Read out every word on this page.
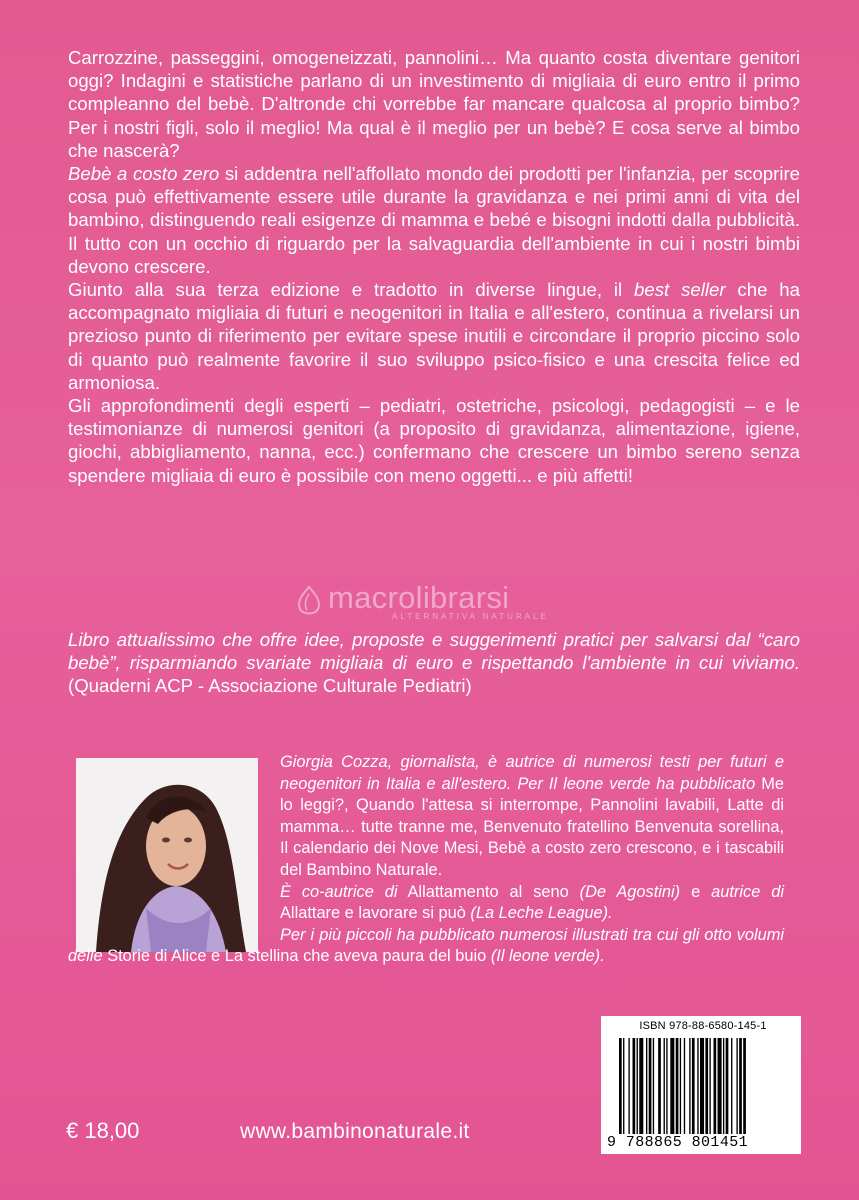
Carrozzine, passeggini, omogeneizzati, pannolini… Ma quanto costa diventare genitori oggi? Indagini e statistiche parlano di un investimento di migliaia di euro entro il primo compleanno del bebè. D'altronde chi vorrebbe far mancare qualcosa al proprio bimbo? Per i nostri figli, solo il meglio! Ma qual è il meglio per un bebè? E cosa serve al bimbo che nascerà?

Bebè a costo zero si addentra nell'affollato mondo dei prodotti per l'infanzia, per scoprire cosa può effettivamente essere utile durante la gravidanza e nei primi anni di vita del bambino, distinguendo reali esigenze di mamma e bebé e bisogni indotti dalla pubblicità. Il tutto con un occhio di riguardo per la salvaguardia dell'ambiente in cui i nostri bimbi devono crescere.

Giunto alla sua terza edizione e tradotto in diverse lingue, il best seller che ha accompagnato migliaia di futuri e neogenitori in Italia e all'estero, continua a rivelarsi un prezioso punto di riferimento per evitare spese inutili e circondare il proprio piccino solo di quanto può realmente favorire il suo sviluppo psico-fisico e una crescita felice ed armoniosa.

Gli approfondimenti degli esperti – pediatri, ostetriche, psicologi, pedagogisti – e le testimonianze di numerosi genitori (a proposito di gravidanza, alimentazione, igiene, giochi, abbigliamento, nanna, ecc.) confermano che crescere un bimbo sereno senza spendere migliaia di euro è possibile con meno oggetti... e più affetti!

macrolibrarsi
ALTERNATIVA NATURALE
Libro attualissimo che offre idee, proposte e suggerimenti pratici per salvarsi dal “caro bebè”, risparmiando svariate migliaia di euro e rispettando l'ambiente in cui viviamo. (Quaderni ACP - Associazione Culturale Pediatri)

Giorgia Cozza, giornalista, è autrice di numerosi testi per futuri e neogenitori in Italia e all'estero. Per Il leone verde ha pubblicato Me lo leggi?, Quando l'attesa si interrompe, Pannolini lavabili, Latte di mamma… tutte tranne me, Benvenuto fratellino Benvenuta sorellina, Il calendario dei Nove Mesi, Bebè a costo zero crescono, e i tascabili del Bambino Naturale.

È co-autrice di Allattamento al seno (De Agostini) e autrice di Allattare e lavorare si può (La Leche League).

Per i più piccoli ha pubblicato numerosi illustrati tra cui gli otto volumi delle Storie di Alice e La stellina che aveva paura del buio (Il leone verde).

ISBN 978-88-6580-145-1
9 788865 801451
€ 18,00	www.bambinonaturale.it
